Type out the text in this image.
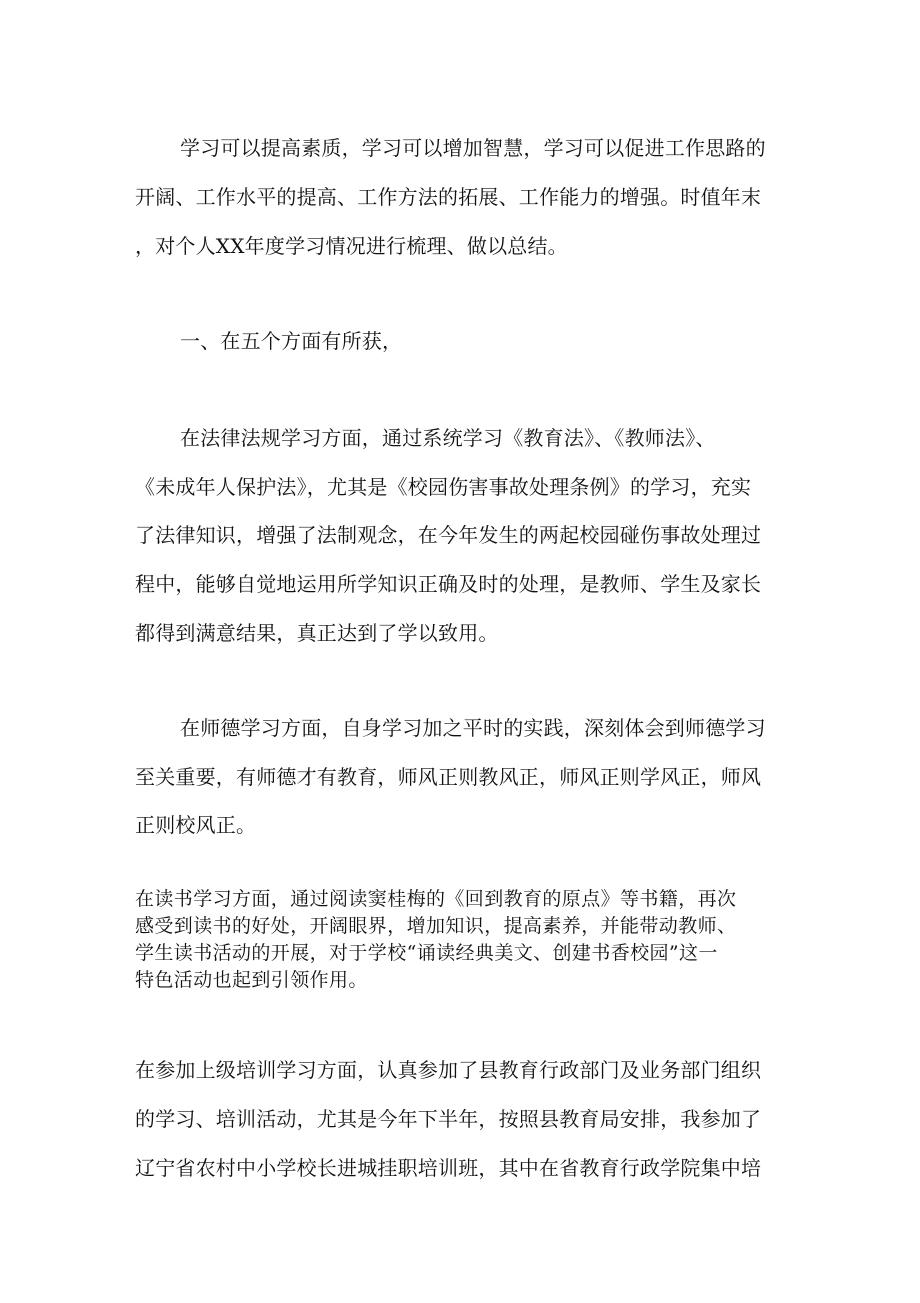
学习可以提高素质，学习可以增加智慧，学习可以促进工作思路的
开阔、工作水平的提高、工作方法的拓展、工作能力的增强。时值年末
，对个人XX年度学习情况进行梳理、做以总结。
一、在五个方面有所获，
在法律法规学习方面，通过系统学习《教育法》、《教师法》、
《未成年人保护法》，尤其是《校园伤害事故处理条例》的学习，充实
了法律知识，增强了法制观念，在今年发生的两起校园碰伤事故处理过
程中，能够自觉地运用所学知识正确及时的处理，是教师、学生及家长
都得到满意结果，真正达到了学以致用。
在师德学习方面，自身学习加之平时的实践，深刻体会到师德学习
至关重要，有师德才有教育，师风正则教风正，师风正则学风正，师风
正则校风正。
在读书学习方面，通过阅读窦桂梅的《回到教育的原点》等书籍，再次
感受到读书的好处，开阔眼界，增加知识，提高素养，并能带动教师、
学生读书活动的开展，对于学校“诵读经典美文、创建书香校园”这一
特色活动也起到引领作用。
在参加上级培训学习方面，认真参加了县教育行政部门及业务部门组织
的学习、培训活动，尤其是今年下半年，按照县教育局安排，我参加了
辽宁省农村中小学校长进城挂职培训班，其中在省教育行政学院集中培
